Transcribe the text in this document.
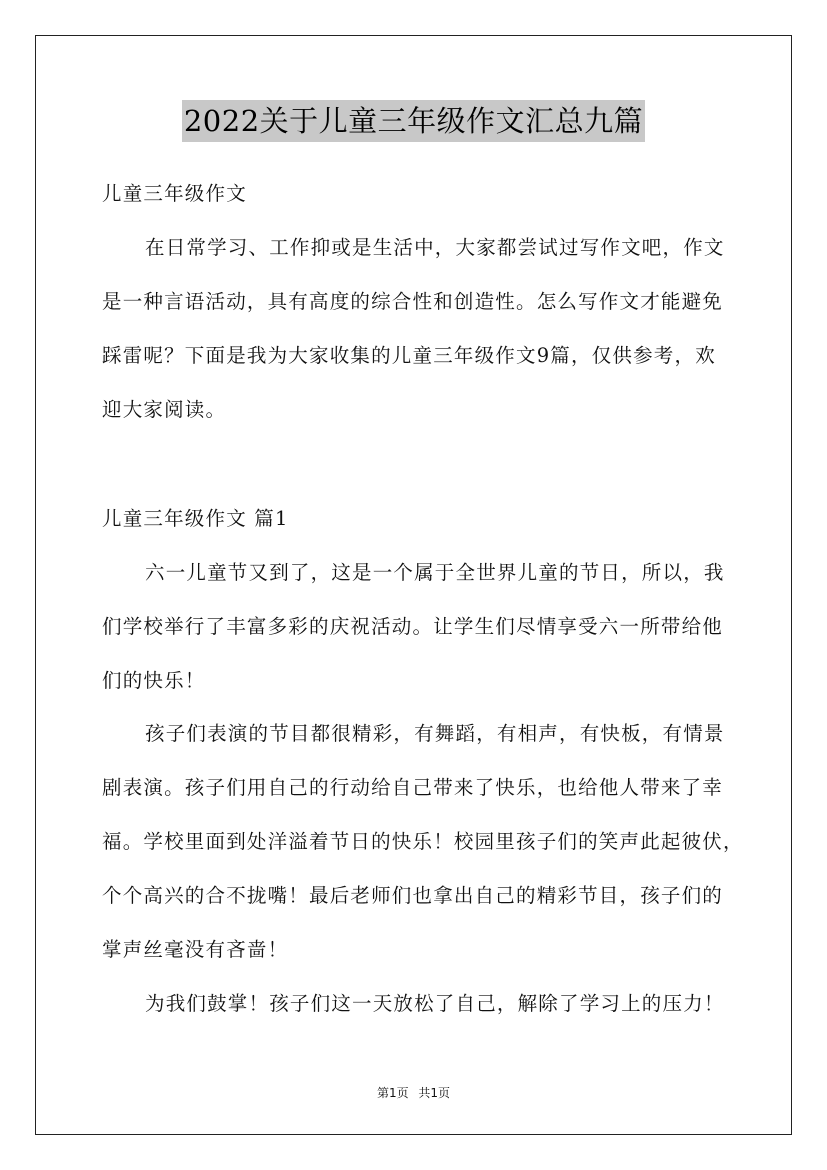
2022关于儿童三年级作文汇总九篇
儿童三年级作文
在日常学习、工作抑或是生活中，大家都尝试过写作文吧，作文
是一种言语活动，具有高度的综合性和创造性。怎么写作文才能避免
踩雷呢？下面是我为大家收集的儿童三年级作文9篇，仅供参考，欢
迎大家阅读。
儿童三年级作文 篇1
六一儿童节又到了，这是一个属于全世界儿童的节日，所以，我
们学校举行了丰富多彩的庆祝活动。让学生们尽情享受六一所带给他
们的快乐！
孩子们表演的节目都很精彩，有舞蹈，有相声，有快板，有情景
剧表演。孩子们用自己的行动给自己带来了快乐，也给他人带来了幸
福。学校里面到处洋溢着节日的快乐！校园里孩子们的笑声此起彼伏，
个个高兴的合不拢嘴！最后老师们也拿出自己的精彩节目，孩子们的
掌声丝毫没有吝啬！
为我们鼓掌！孩子们这一天放松了自己，解除了学习上的压力！
第1页 共1页
